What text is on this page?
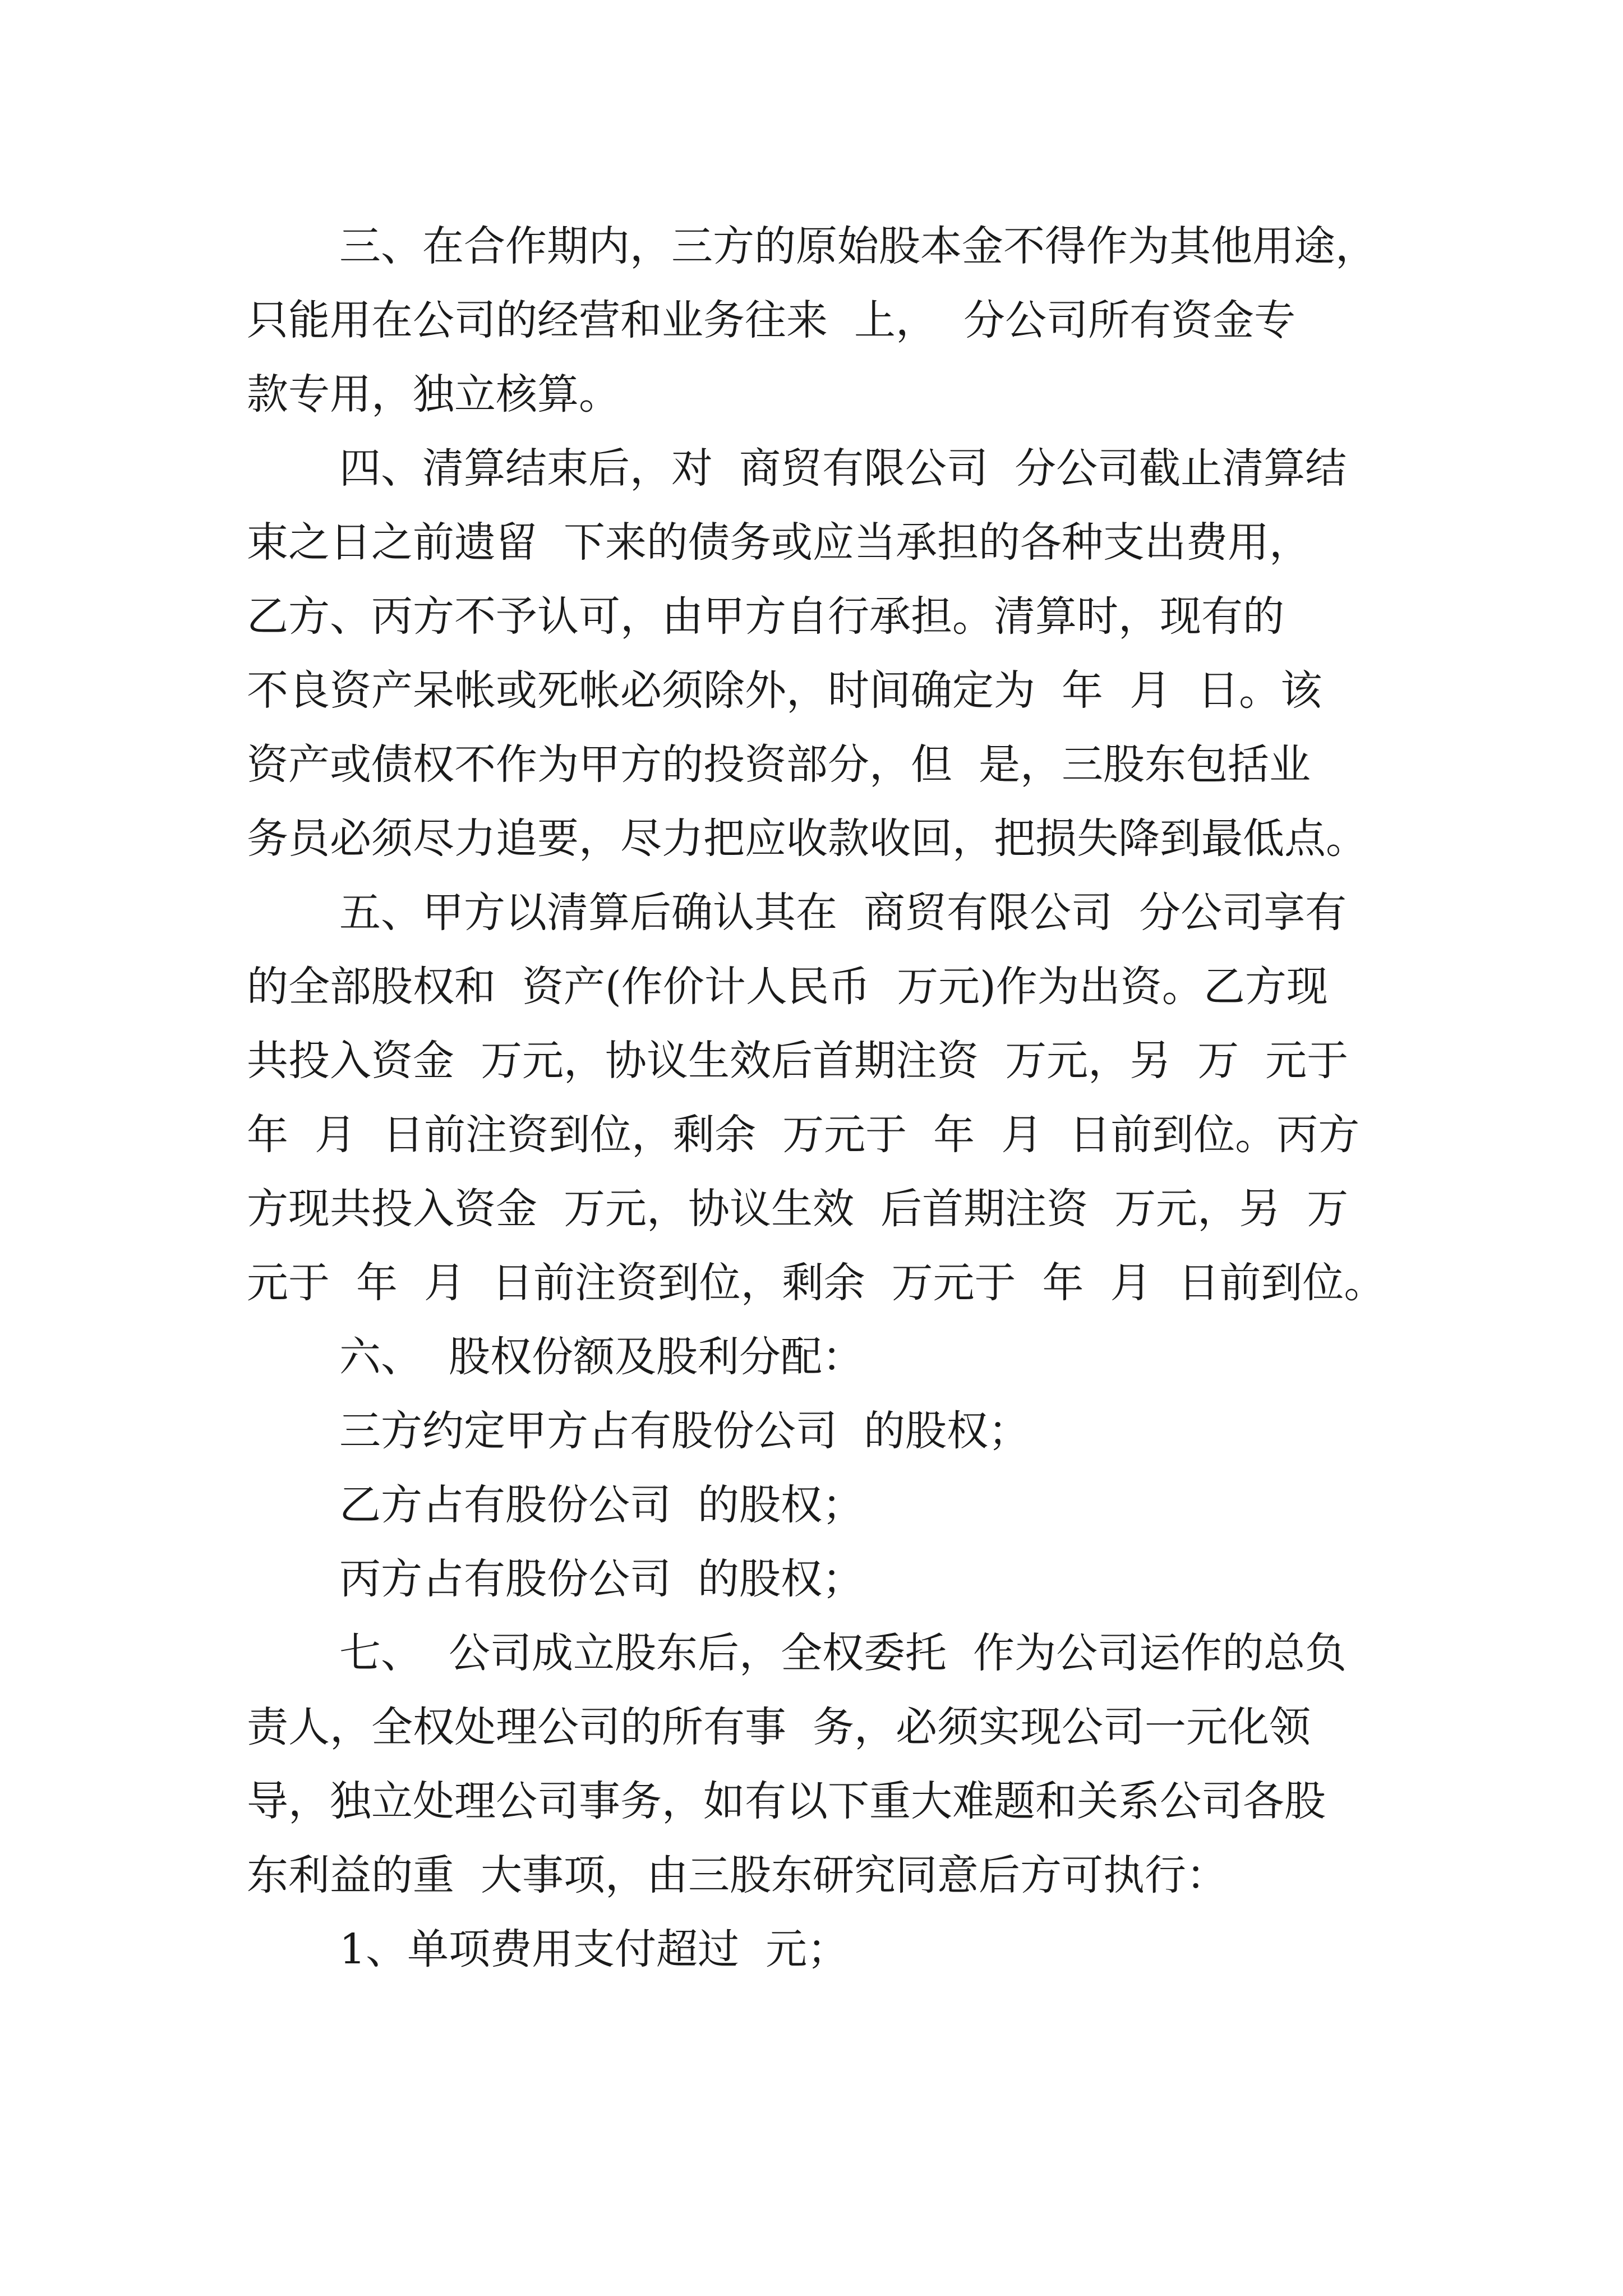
三、在合作期内，三方的原始股本金不得作为其他用途，

只能用在公司的经营和业务往来  上，  分公司所有资金专

款专用，独立核算。

四、清算结束后，对  商贸有限公司  分公司截止清算结

束之日之前遗留  下来的债务或应当承担的各种支出费用，

乙方、丙方不予认可，由甲方自行承担。清算时，现有的

不良资产呆帐或死帐必须除外，时间确定为  年  月  日。该

资产或债权不作为甲方的投资部分，但  是，三股东包括业

务员必须尽力追要，尽力把应收款收回，把损失降到最低点。

五、甲方以清算后确认其在  商贸有限公司  分公司享有

的全部股权和  资产(作价计人民币  万元)作为出资。乙方现

共投入资金  万元，协议生效后首期注资  万元，另  万  元于

年  月  日前注资到位，剩余  万元于  年  月  日前到位。丙方

方现共投入资金  万元，协议生效  后首期注资  万元，另  万

元于  年  月  日前注资到位，剩余  万元于  年  月  日前到位。

六、  股权份额及股利分配：

三方约定甲方占有股份公司  的股权；

乙方占有股份公司  的股权；

丙方占有股份公司  的股权；

七、  公司成立股东后，全权委托  作为公司运作的总负

责人，全权处理公司的所有事  务，必须实现公司一元化领

导，独立处理公司事务，如有以下重大难题和关系公司各股

东利益的重  大事项，由三股东研究同意后方可执行：

1、单项费用支付超过  元；
